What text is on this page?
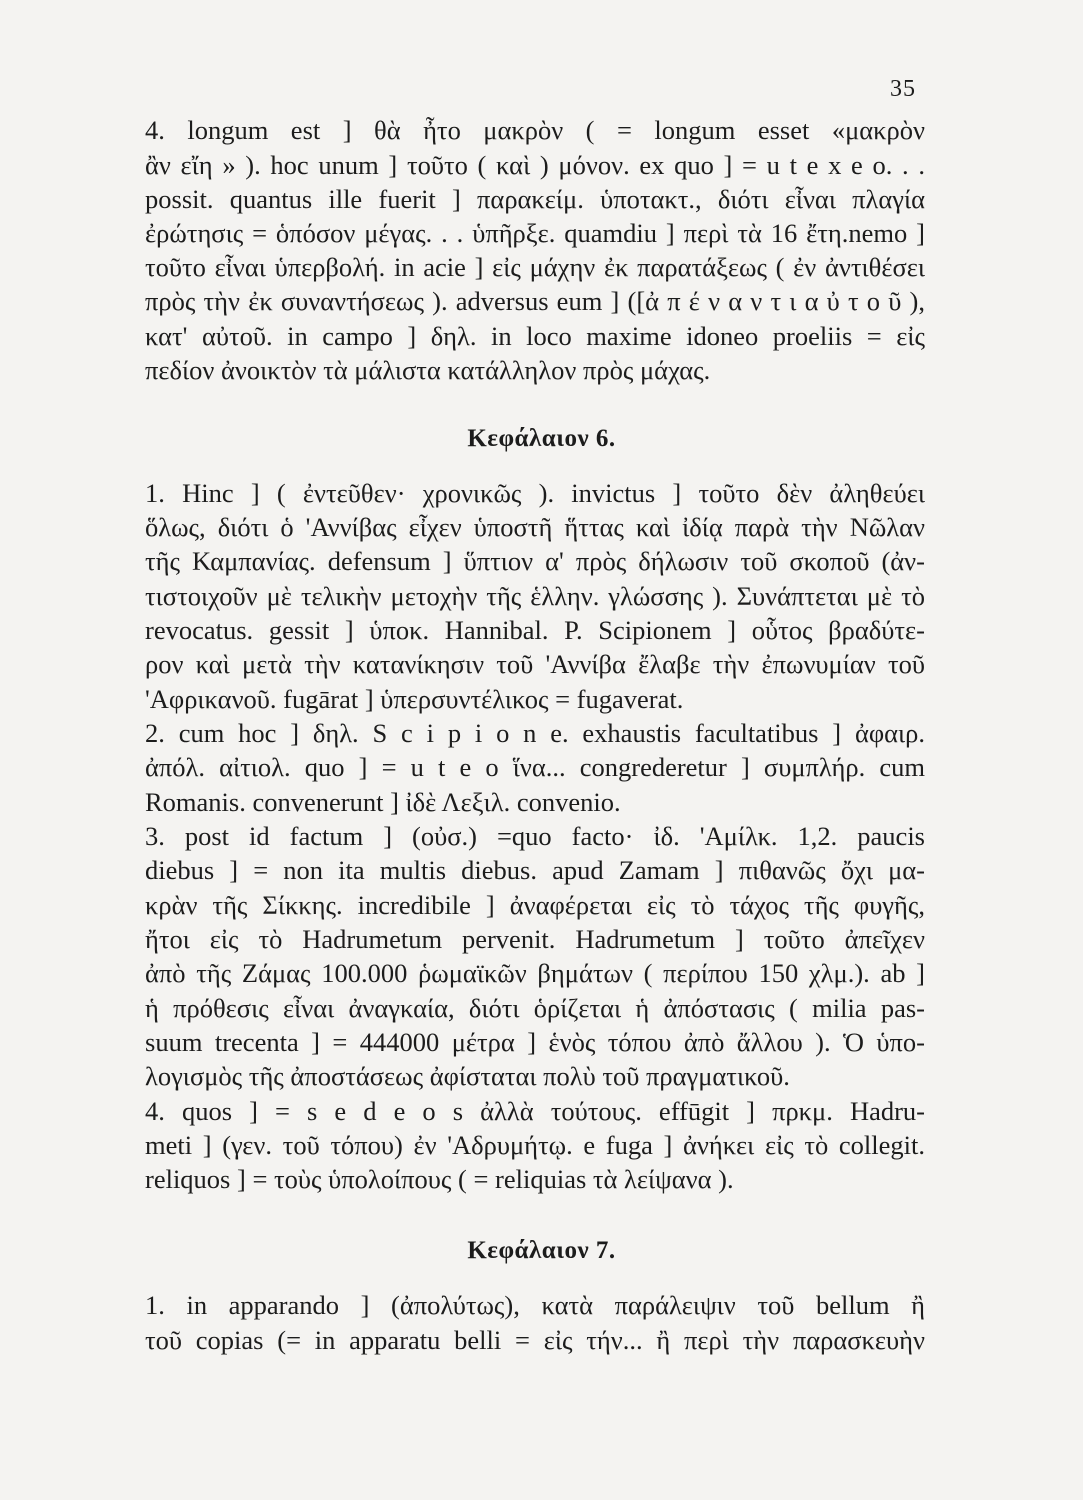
35
4. longum est ] θὰ ἦτο μακρὸν ( = longum esset «μακρὸν
ἂν εἴη » ). hoc unum ] τοῦτο ( καὶ ) μόνον. ex quo ] = u t e x e o. . .
possit. quantus ille fuerit ] παρακείμ. ὑποτακτ., διότι εἶναι πλαγία
ἐρώτησις = ὁπόσον μέγας. . . ὑπῆρξε. quamdiu ] περὶ τὰ 16 ἔτη.nemo ]
τοῦτο εἶναι ὑπερβολή. in acie ] εἰς μάχην ἐκ παρατάξεως ( ἐν ἀντιθέσει
πρὸς τὴν ἐκ συναντήσεως ). adversus eum ] ([ἀ π έ ν α ν τ ι α ὐ τ ο ῦ ),
κατ' αὐτοῦ. in campo ] δηλ. in loco maxime idoneo proeliis = εἰς
πεδίον ἀνοικτὸν τὰ μάλιστα κατάλληλον πρὸς μάχας.
Κεφάλαιον 6.
1. Hinc ] ( ἐντεῦθεν· χρονικῶς ). invictus ] τοῦτο δὲν ἀληθεύει
ὅλως, διότι ὁ 'Αννίβας εἶχεν ὑποστῆ ἥττας καὶ ἰδίᾳ παρὰ τὴν Νῶλαν
τῆς Καμπανίας. defensum ] ὕπτιον α' πρὸς δήλωσιν τοῦ σκοποῦ (ἀν-
τιστοιχοῦν μὲ τελικὴν μετοχὴν τῆς ἑλλην. γλώσσης ). Συνάπτεται μὲ τὸ
revocatus. gessit ] ὑποκ. Hannibal. P. Scipionem ] οὗτος βραδύτε-
ρον καὶ μετὰ τὴν κατανίκησιν τοῦ 'Αννίβα ἔλαβε τὴν ἐπωνυμίαν τοῦ
'Αφρικανοῦ. fugārat ] ὑπερσυντέλικος = fugaverat.
2. cum hoc ] δηλ. S c i p i o n e. exhaustis facultatibus ] ἀφαιρ.
ἀπόλ. αἰτιολ. quo ] = u t e o ἵνα... congrederetur ] συμπλήρ. cum
Romanis. convenerunt ] ἰδὲ Λεξιλ. convenio.
3. post id factum ] (οὐσ.) =quo facto· ἰδ. 'Αμίλκ. 1,2. paucis
diebus ] = non ita multis diebus. apud Zamam ] πιθανῶς ὄχι μα-
κρὰν τῆς Σίκκης. incredibile ] ἀναφέρεται εἰς τὸ τάχος τῆς φυγῆς,
ἤτοι εἰς τὸ Hadrumetum pervenit. Hadrumetum ] τοῦτο ἀπεῖχεν
ἀπὸ τῆς Ζάμας 100.000 ῥωμαϊκῶν βημάτων ( περίπου 150 χλμ.). ab ]
ἡ πρόθεσις εἶναι ἀναγκαία, διότι ὁρίζεται ἡ ἀπόστασις ( milia pas-
suum trecenta ] = 444000 μέτρα ] ἑνὸς τόπου ἀπὸ ἄλλου ). Ὁ ὑπο-
λογισμὸς τῆς ἀποστάσεως ἀφίσταται πολὺ τοῦ πραγματικοῦ.
4. quos ] = s e d e o s ἀλλὰ τούτους. effūgit ] πρκμ. Hadru-
meti ] (γεν. τοῦ τόπου) ἐν 'Αδρυμήτῳ. e fuga ] ἀνήκει εἰς τὸ collegit.
reliquos ] = τοὺς ὑπολοίπους ( = reliquias τὰ λείψανα ).
Κεφάλαιον 7.
1. in apparando ] (ἀπολύτως), κατὰ παράλειψιν τοῦ bellum ἢ
τοῦ copias (= in apparatu belli = εἰς τήν... ἢ περὶ τὴν παρασκευὴν
